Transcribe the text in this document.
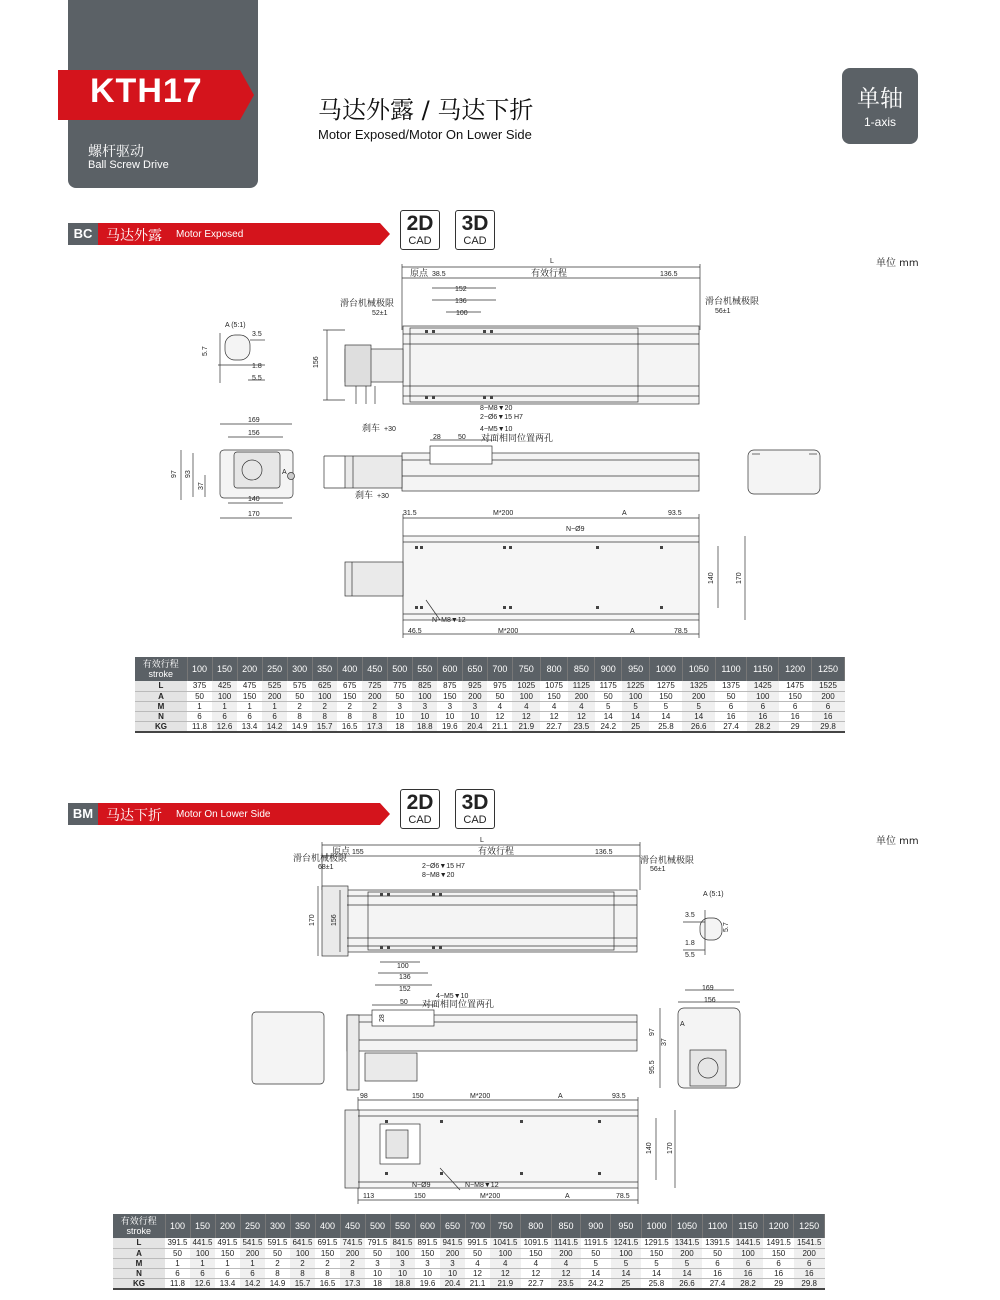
KTH17
螺杆驱动
Ball Screw Drive
马达外露 / 马达下折
Motor Exposed/Motor On Lower Side
单轴
1-axis
BC 马达外露 Motor Exposed	2D
CAD
3D
CAD
单位 mm
BM 马达下折 Motor On Lower Side
2D
CAD
3D
CAD
单位 mm
L
原点 38.5	有效行程	136.5
152
136
100
滑台机械极限
52±1
滑台机械极限
56±1
156
A (5:1)
3.5
5.7
1.8
5.5
8−M8▼20
2−Ø6▼15 H7
刹车 +30	4−M5▼10
对面相同位置两孔
28 50
169
156
97 93
37
140
170
A
刹车 +30
31.5	M*200	A	93.5
N−Ø9
140	170
N−M8▼12
46.5	M*200	A	78.5
L
原点 155	有效行程	136.5
滑台机械极限
68±1
滑台机械极限
56±1
2−Ø6▼15 H7
8−M8▼20
170 156
100
136
152
A (5:1)
3.5
5.7
1.8
5.5
4−M5▼10
对面相同位置两孔
50
28
169
156
97
37
95.5
A
98	150	M*200	A	93.5
140 170
N−Ø9	N−M8▼12
113	150	M*200	A	78.5
有效行程
stroke	100	150	200	250	300	350	400	450	500	550	600	650	700	750	800	850	900	950	1000	1050	1100	1150	1200	1250
L	375	425	475	525	575	625	675	725	775	825	875	925	975	1025	1075	1125	1175	1225	1275	1325	1375	1425	1475	1525
A	50	100	150	200	50	100	150	200	50	100	150	200	50	100	150	200	50	100	150	200	50	100	150	200
M	1	1	1	1	2	2	2	2	3	3	3	3	4	4	4	4	5	5	5	5	6	6	6	6
N	6	6	6	6	8	8	8	8	10	10	10	10	12	12	12	12	14	14	14	14	16	16	16	16
KG	11.8	12.6	13.4	14.2	14.9	15.7	16.5	17.3	18	18.8	19.6	20.4	21.1	21.9	22.7	23.5	24.2	25	25.8	26.6	27.4	28.2	29	29.8
有效行程
stroke	100	150	200	250	300	350	400	450	500	550	600	650	700	750	800	850	900	950	1000	1050	1100	1150	1200	1250
L	391.5	441.5	491.5	541.5	591.5	641.5	691.5	741.5	791.5	841.5	891.5	941.5	991.5	1041.5	1091.5	1141.5	1191.5	1241.5	1291.5	1341.5	1391.5	1441.5	1491.5	1541.5
A	50	100	150	200	50	100	150	200	50	100	150	200	50	100	150	200	50	100	150	200	50	100	150	200
M	1	1	1	1	2	2	2	2	3	3	3	3	4	4	4	4	5	5	5	5	6	6	6	6
N	6	6	6	6	8	8	8	8	10	10	10	10	12	12	12	12	14	14	14	14	16	16	16	16
KG	11.8	12.6	13.4	14.2	14.9	15.7	16.5	17.3	18	18.8	19.6	20.4	21.1	21.9	22.7	23.5	24.2	25	25.8	26.6	27.4	28.2	29	29.8
